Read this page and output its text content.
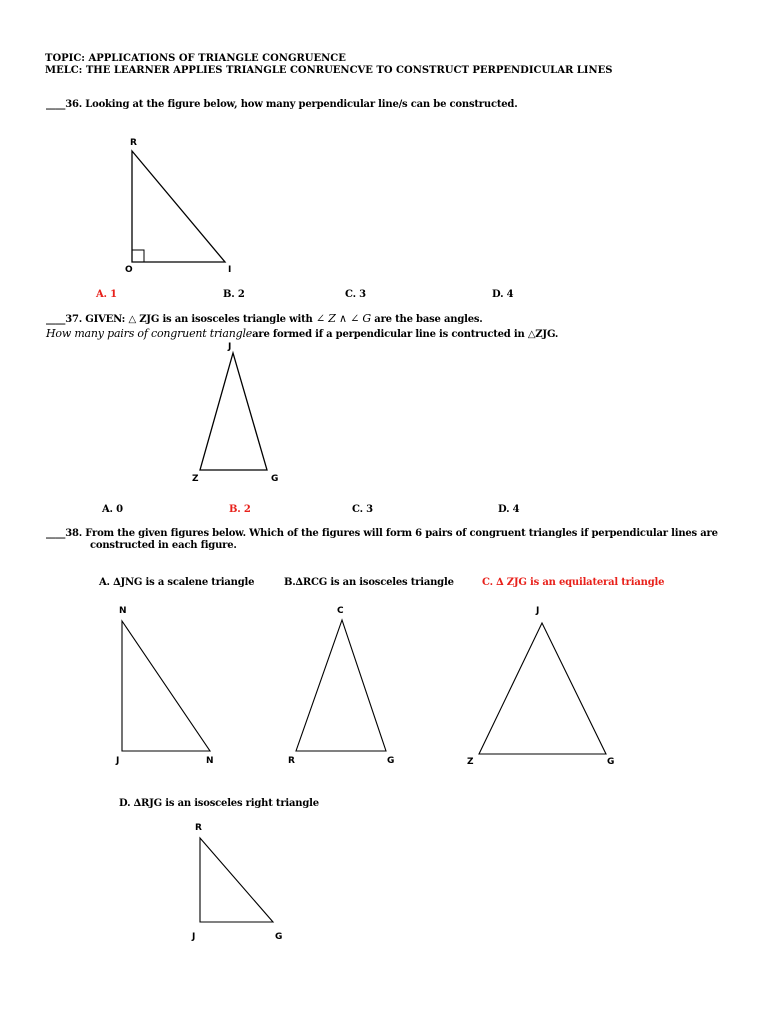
TOPIC: APPLICATIONS OF TRIANGLE CONGRUENCE
MELC: THE LEARNER APPLIES TRIANGLE CONRUENCVE TO CONSTRUCT PERPENDICULAR LINES
____36. Looking at the figure below, how many perpendicular line/s can be constructed.
R
O	I
A. 1	B. 2	C. 3	D. 4
____37. GIVEN: △ ZJG is an isosceles triangle with ∠ Z ∧ ∠ G are the base angles.
How many pairs of congruent triangleare formed if a perpendicular line is contructed in △ZJG.
J
Z	G
A. 0	B. 2	C. 3	D. 4
____38. From the given figures below. Which of the figures will form 6 pairs of congruent triangles if perpendicular lines are
constructed in each figure.
A. ∆JNG is a scalene triangle	B.∆RCG is an isosceles triangle	C. ∆ ZJG is an equilateral triangle
N
J	N
C
R	G
J
Z	G
D. ∆RJG is an isosceles right triangle
R
J	G
